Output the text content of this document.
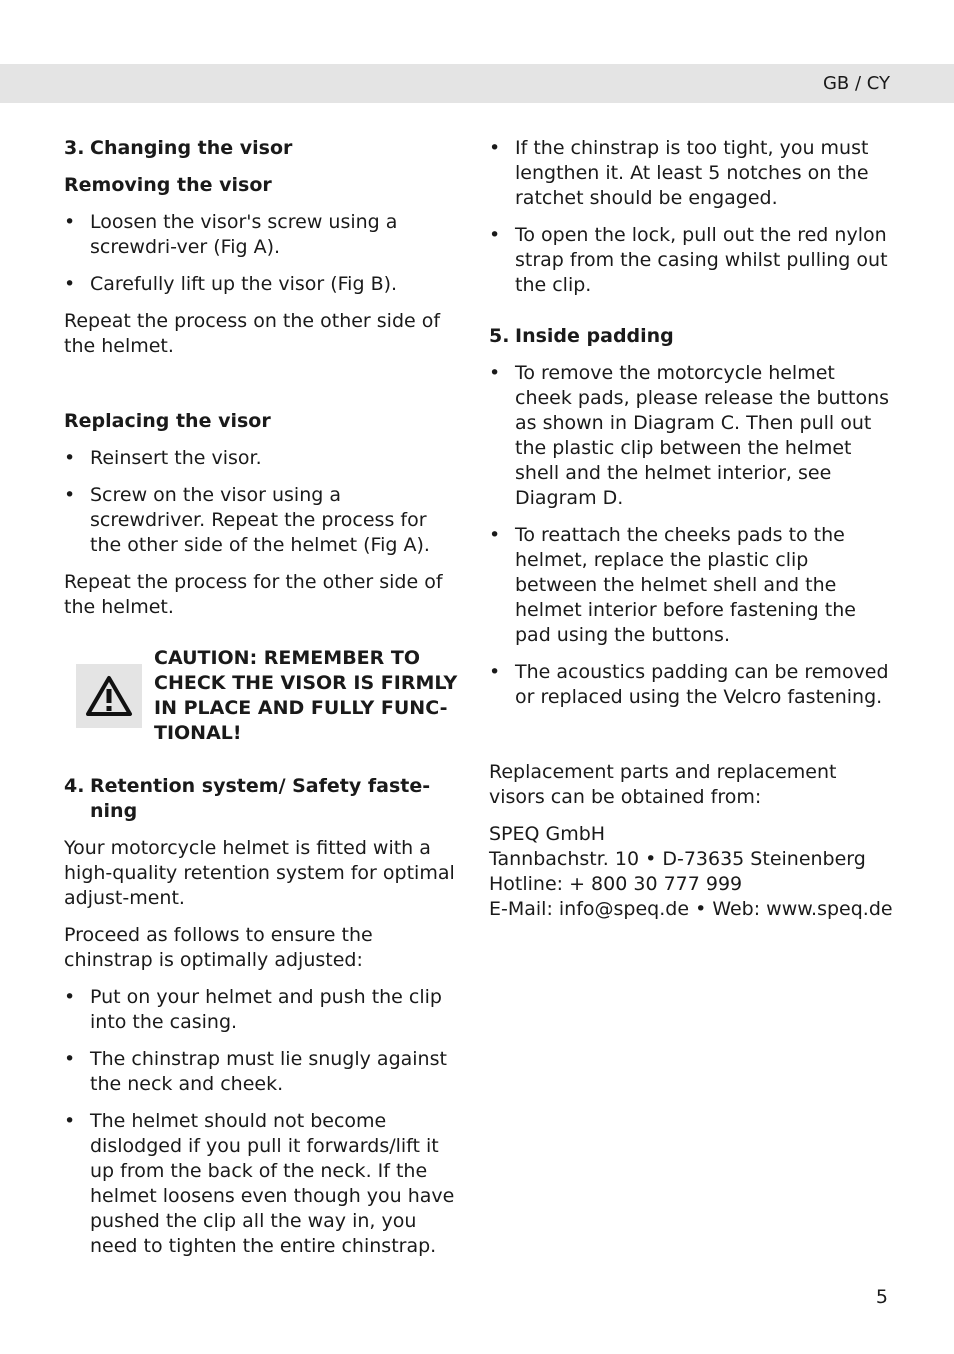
GB / CY
3. Changing the visor
Removing the visor
• Loosen the visor's screw using a screwdri-ver (Fig A).
• Carefully lift up the visor (Fig B).

Repeat the process on the other side of the helmet.

Replacing the visor
• Reinsert the visor.
• Screw on the visor using a screwdriver. Repeat the process for the other side of the helmet (Fig A).

Repeat the process for the other side of the helmet.

CAUTION: REMEMBER TO CHECK THE VISOR IS FIRMLY IN PLACE AND FULLY FUNC-TIONAL!
4. Retention system/ Safety faste-ning

Your motorcycle helmet is fitted with a high-quality retention system for optimal adjust-ment.

Proceed as follows to ensure the chinstrap is optimally adjusted:

• Put on your helmet and push the clip into the casing.
• The chinstrap must lie snugly against the neck and cheek.
• The helmet should not become dislodged if you pull it forwards/lift it up from the back of the neck. If the helmet loosens even though you have pushed the clip all the way in, you need to tighten the entire chinstrap.
• If the chinstrap is too tight, you must lengthen it. At least 5 notches on the ratchet should be engaged.
• To open the lock, pull out the red nylon strap from the casing whilst pulling out the clip.
5. Inside padding
• To remove the motorcycle helmet cheek pads, please release the buttons as shown in Diagram C. Then pull out the plastic clip between the helmet shell and the helmet interior, see Diagram D.
• To reattach the cheeks pads to the helmet, replace the plastic clip between the helmet shell and the helmet interior before fastening the pad using the buttons.
• The acoustics padding can be removed or replaced using the Velcro fastening.

Replacement parts and replacement visors can be obtained from:

SPEQ GmbH

Tannbachstr. 10 • D-73635 Steinenberg

Hotline: + 800 30 777 999

E-Mail: info@speq.de • Web: www.speq.de

5
